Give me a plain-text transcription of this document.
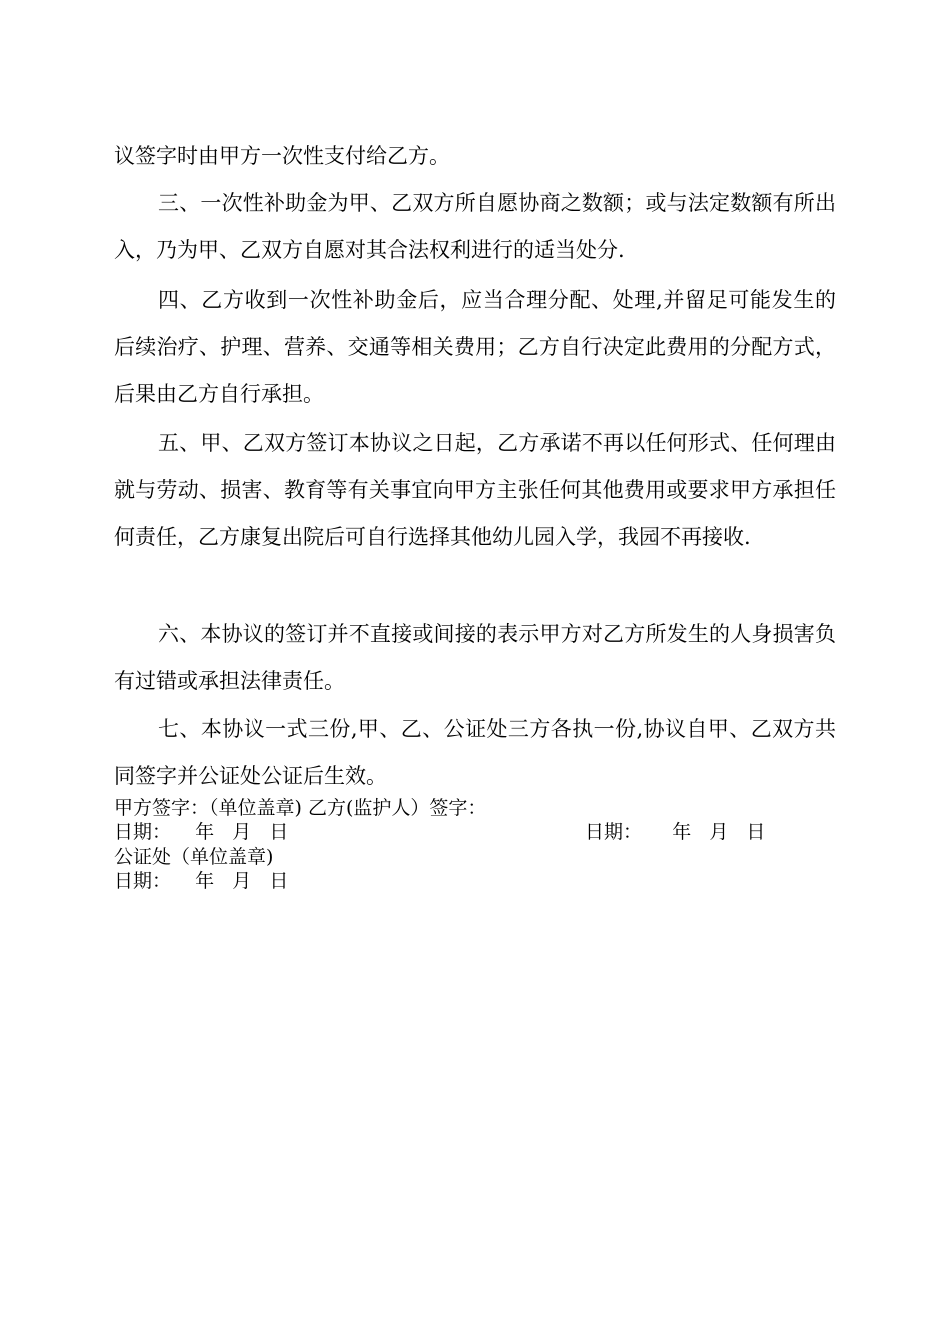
议签字时由甲方一次性支付给乙方。

三、一次性补助金为甲、乙双方所自愿协商之数额；或与法定数额有所出入，乃为甲、乙双方自愿对其合法权利进行的适当处分.

四、乙方收到一次性补助金后，应当合理分配、处理,并留足可能发生的后续治疗、护理、营养、交通等相关费用；乙方自行决定此费用的分配方式，后果由乙方自行承担。

五、甲、乙双方签订本协议之日起，乙方承诺不再以任何形式、任何理由就与劳动、损害、教育等有关事宜向甲方主张任何其他费用或要求甲方承担任何责任，乙方康复出院后可自行选择其他幼儿园入学，我园不再接收.

六、本协议的签订并不直接或间接的表示甲方对乙方所发生的人身损害负有过错或承担法律责任。

七、本协议一式三份,甲、乙、公证处三方各执一份,协议自甲、乙双方共同签字并公证处公证后生效。

甲方签字：（单位盖章) 乙方(监护人）签字：
日期：    年   月   日	日期：     年   月   日
公证处（单位盖章)
日期：    年   月   日
